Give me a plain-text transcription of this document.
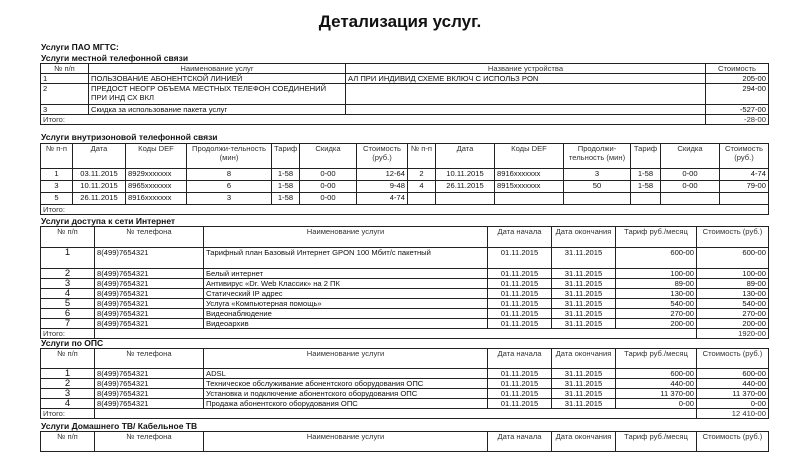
Детализация услуг.
Услуги ПАО МГТС:
Услуги местной телефонной связи
№ п/п	Наименование услуг	Название устройства	Стоимость
1	ПОЛЬЗОВАНИЕ АБОНЕНТСКОЙ ЛИНИЕЙ	АЛ ПРИ ИНДИВИД СХЕМЕ ВКЛЮЧ С ИСПОЛЬЗ PON	205-00
2	ПРЕДОСТ НЕОГР ОБЪЕМА МЕСТНЫХ ТЕЛЕФОН СОЕДИНЕНИЙ ПРИ ИНД СХ ВКЛ		294-00
3	Скидка за использование пакета услуг		-527-00
Итого:			-28-00
Услуги внутризоновой телефонной связи
№ п-п	Дата	Коды DEF	Продолжи-тельность (мин)	Тариф	Скидка	Стоимость (руб.)	№ п-п	Дата	Коды DEF	Продолжи-тельность (мин)	Тариф	Скидка	Стоимость (руб.)	
1	03.11.2015	8929xxxxxxx	8	1-58	0-00	12-64	2	10.11.2015	8916xxxxxxx	3	1-58	0-00	4-74	
3	10.11.2015	8965xxxxxxx	6	1-58	0-00	9-48	4	26.11.2015	8915xxxxxxx	50	1-58	0-00	79-00	
5	26.11.2015	8916xxxxxxx	3	1-58	0-00	4-74								
Итого:	
Услуги доступа к сети Интернет
№ п/п	№ телефона	Наименование услуги	Дата начала	Дата окончания	Тариф руб./месяц	Стоимость (руб.)
1	8(499)7654321	Тарифный план Базовый Интернет GPON 100 Мбит/с пакетный	01.11.2015	31.11.2015	600-00	600-00
2	8(499)7654321	Белый интернет	01.11.2015	31.11.2015	100-00	100-00
3	8(499)7654321	Антивирус «Dr. Web Классик» на 2 ПК	01.11.2015	31.11.2015	89-00	89-00
4	8(499)7654321	Статический IP адрес	01.11.2015	31.11.2015	130-00	130-00
5	8(499)7654321	Услуга «Компьютерная помощь»	01.11.2015	31.11.2015	540-00	540-00
6	8(499)7654321	Видеонаблюдение	01.11.2015	31.11.2015	270-00	270-00
7	8(499)7654321	Видеоархив	01.11.2015	31.11.2015	200-00	200-00
Итого:						1920-00
Услуги по ОПС
№ п/п	№ телефона	Наименование услуги	Дата начала	Дата окончания	Тариф руб./месяц	Стоимость (руб.)
1	8(499)7654321	ADSL	01.11.2015	31.11.2015	600-00	600-00
2	8(499)7654321	Техническое обслуживание абонентского оборудования ОПС	01.11.2015	31.11.2015	440-00	440-00
3	8(499)7654321	Установка и подключение абонентского оборудования ОПС	01.11.2015	31.11.2015	11 370-00	11 370-00
4	8(499)7654321	Продажа абонентского оборудования ОПС	01.11.2015	31.11.2015	0-00	0-00
Итого:						12 410-00
Услуги Домашнего ТВ/ Кабельное ТВ
№ п/п	№ телефона	Наименование услуги	Дата начала	Дата окончания	Тариф руб./месяц	Стоимость (руб.)
